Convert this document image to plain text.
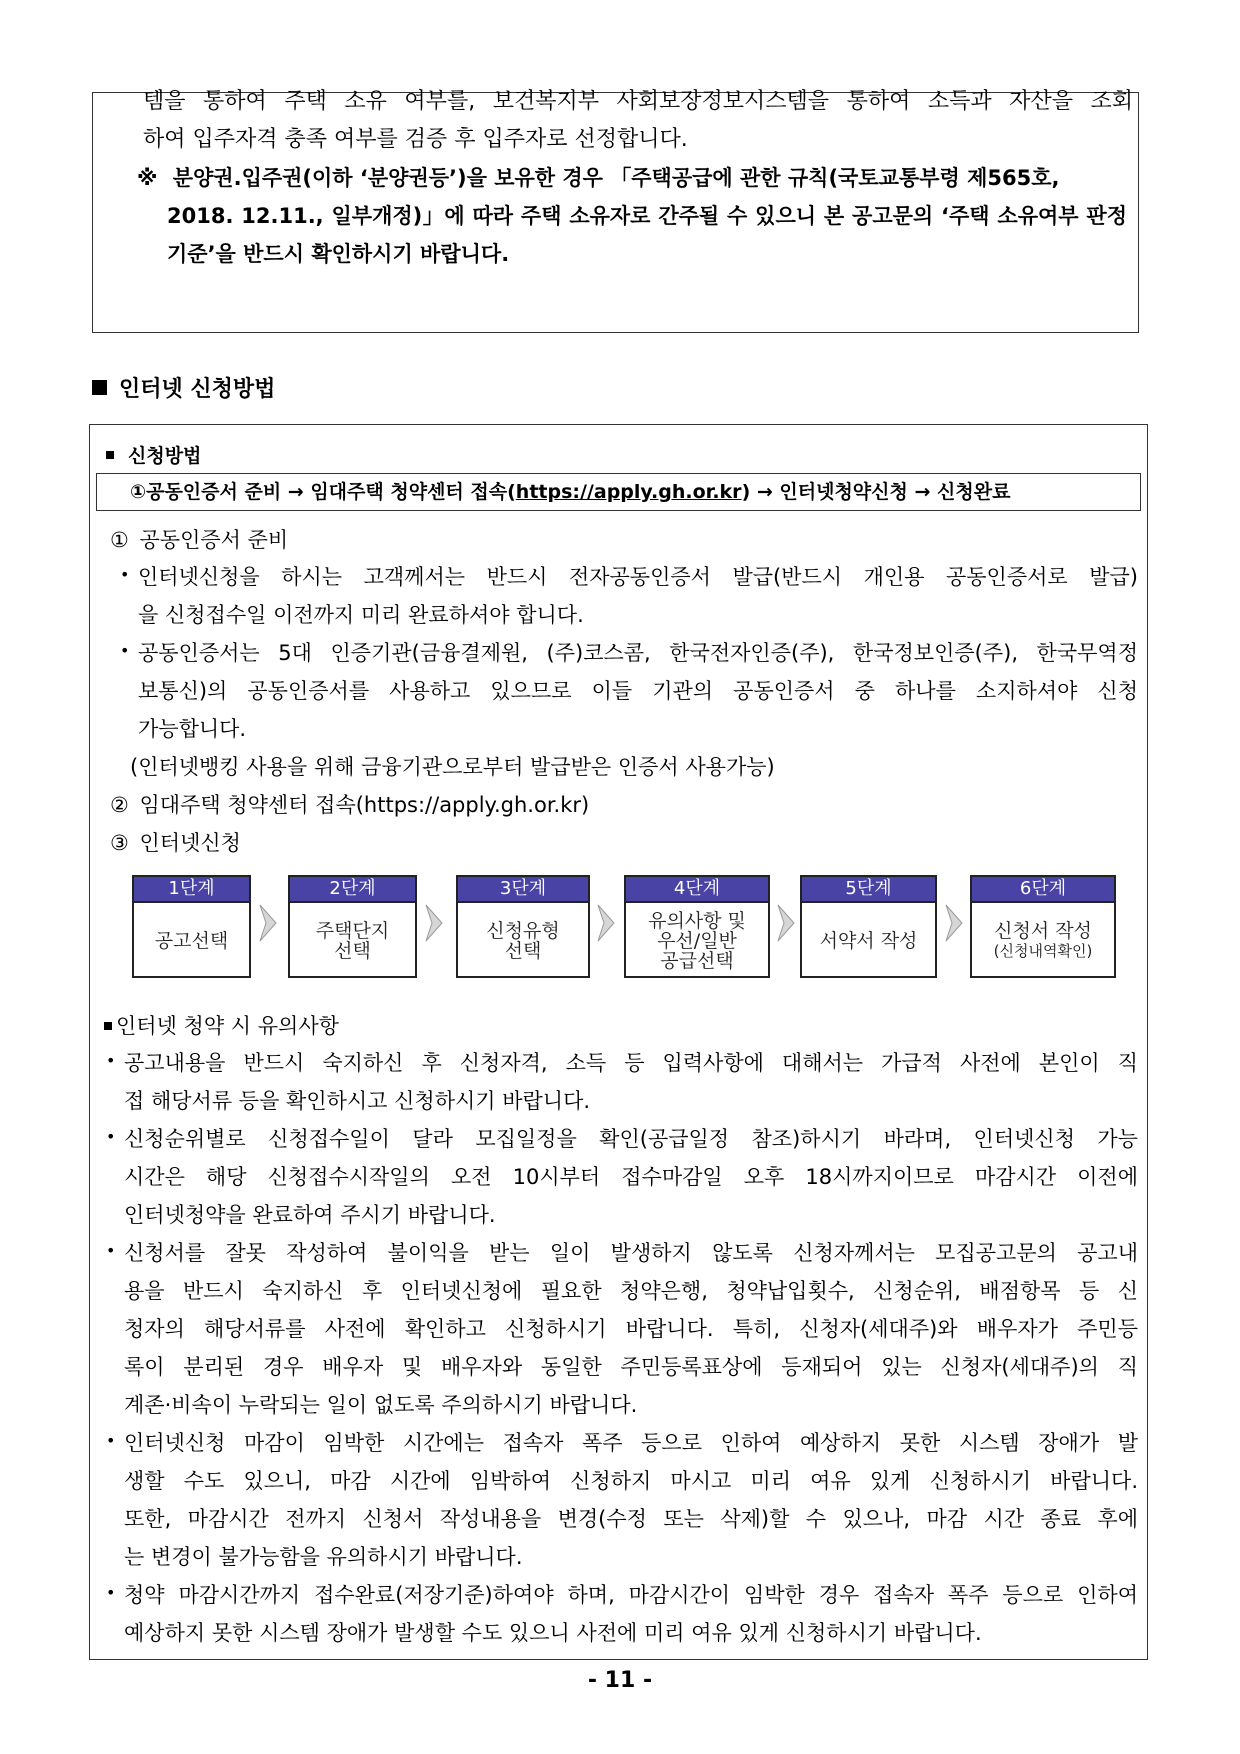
템을 통하여 주택 소유 여부를, 보건복지부 사회보장정보시스템을 통하여 소득과 자산을 조회
하여 입주자격 충족 여부를 검증 후 입주자로 선정합니다.
※ 분양권.입주권(이하 ‘분양권등’)을 보유한 경우 「주택공급에 관한 규칙(국토교통부령 제565호,
2018. 12.11., 일부개정)」에 따라 주택 소유자로 간주될 수 있으니 본 공고문의 ‘주택 소유여부 판정
기준’을 반드시 확인하시기 바랍니다.
인터넷 신청방법
신청방법
①공동인증서 준비 → 임대주택 청약센터 접속(https://apply.gh.or.kr) → 인터넷청약신청 → 신청완료
① 공동인증서 준비
• 인터넷신청을 하시는 고객께서는 반드시 전자공동인증서 발급(반드시 개인용 공동인증서로 발급)
을 신청접수일 이전까지 미리 완료하셔야 합니다.
• 공동인증서는 5대 인증기관(금융결제원, (주)코스콤, 한국전자인증(주), 한국정보인증(주), 한국무역정
보통신)의 공동인증서를 사용하고 있으므로 이들 기관의 공동인증서 중 하나를 소지하셔야 신청
가능합니다.
(인터넷뱅킹 사용을 위해 금융기관으로부터 발급받은 인증서 사용가능)
② 임대주택 청약센터 접속(https://apply.gh.or.kr)
③ 인터넷신청
1단계
공고선택
2단계
주택단지
선택
3단계
신청유형
선택
4단계
유의사항 및
우선/일반
공급선택
5단계
서약서 작성
6단계
신청서 작성
(신청내역확인)
인터넷 청약 시 유의사항
• 공고내용을 반드시 숙지하신 후 신청자격, 소득 등 입력사항에 대해서는 가급적 사전에 본인이 직
접 해당서류 등을 확인하시고 신청하시기 바랍니다.
• 신청순위별로 신청접수일이 달라 모집일정을 확인(공급일정 참조)하시기 바라며, 인터넷신청 가능
시간은 해당 신청접수시작일의 오전 10시부터 접수마감일 오후 18시까지이므로 마감시간 이전에
인터넷청약을 완료하여 주시기 바랍니다.
• 신청서를 잘못 작성하여 불이익을 받는 일이 발생하지 않도록 신청자께서는 모집공고문의 공고내
용을 반드시 숙지하신 후 인터넷신청에 필요한 청약은행, 청약납입횟수, 신청순위, 배점항목 등 신
청자의 해당서류를 사전에 확인하고 신청하시기 바랍니다. 특히, 신청자(세대주)와 배우자가 주민등
록이 분리된 경우 배우자 및 배우자와 동일한 주민등록표상에 등재되어 있는 신청자(세대주)의 직
계존·비속이 누락되는 일이 없도록 주의하시기 바랍니다.
• 인터넷신청 마감이 임박한 시간에는 접속자 폭주 등으로 인하여 예상하지 못한 시스템 장애가 발
생할 수도 있으니, 마감 시간에 임박하여 신청하지 마시고 미리 여유 있게 신청하시기 바랍니다.
또한, 마감시간 전까지 신청서 작성내용을 변경(수정 또는 삭제)할 수 있으나, 마감 시간 종료 후에
는 변경이 불가능함을 유의하시기 바랍니다.
• 청약 마감시간까지 접수완료(저장기준)하여야 하며, 마감시간이 임박한 경우 접속자 폭주 등으로 인하여
예상하지 못한 시스템 장애가 발생할 수도 있으니 사전에 미리 여유 있게 신청하시기 바랍니다.
- 11 -
